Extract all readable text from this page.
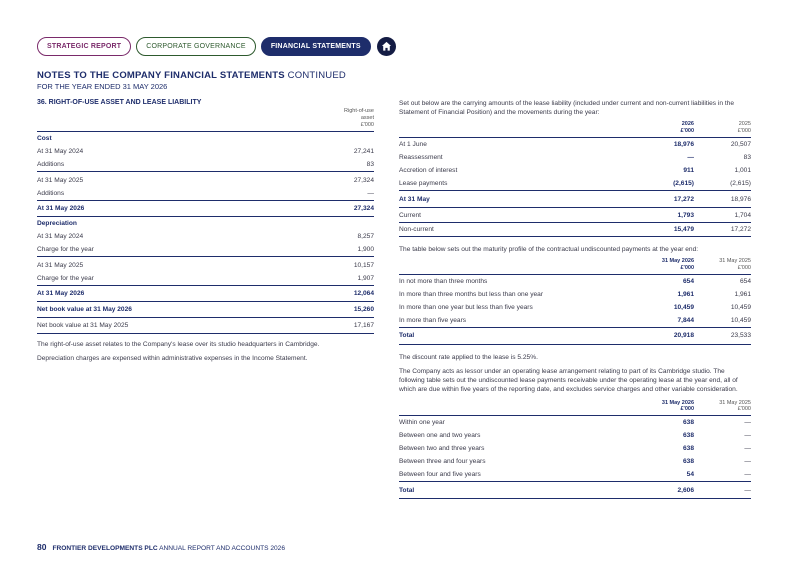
STRATEGIC REPORT	CORPORATE GOVERNANCE	FINANCIAL STATEMENTS
NOTES TO THE COMPANY FINANCIAL STATEMENTS CONTINUED
FOR THE YEAR ENDED 31 MAY 2026
36. RIGHT-OF-USE ASSET AND LEASE LIABILITY
Right-of-use
asset
£'000
Cost
At 31 May 2024	27,241
Additions	83
At 31 May 2025	27,324
Additions	—
At 31 May 2026	27,324
Depreciation
At 31 May 2024	8,257
Charge for the year	1,900
At 31 May 2025	10,157
Charge for the year	1,907
At 31 May 2026	12,064
Net book value at 31 May 2026	15,260
Net book value at 31 May 2025	17,167
The right-of-use asset relates to the Company's lease over its studio headquarters in Cambridge.
Depreciation charges are expensed within administrative expenses in the Income Statement.
Set out below are the carrying amounts of the lease liability (included under current and non-current liabilities in the Statement of Financial Position) and the movements during the year:
2026
£'000
2025
£'000
At 1 June	18,976	20,507
Reassessment	—	83
Accretion of interest	911	1,001
Lease payments	(2,615)	(2,615)
At 31 May	17,272	18,976
Current	1,793	1,704
Non-current	15,479	17,272
The table below sets out the maturity profile of the contractual undiscounted payments at the year end:
31 May 2026
£'000
31 May 2025
£'000
In not more than three months	654	654
In more than three months but less than one year	1,961	1,961
In more than one year but less than five years	10,459	10,459
In more than five years	7,844	10,459
Total	20,918	23,533
The discount rate applied to the lease is 5.25%.
The Company acts as lessor under an operating lease arrangement relating to part of its Cambridge studio. The following table sets out the undiscounted lease payments receivable under the operating lease at the year end, all of which are due within five years of the reporting date, and excludes service charges and other variable consideration.
31 May 2026
£'000
31 May 2025
£'000
Within one year	638	—
Between one and two years	638	—
Between two and three years	638	—
Between three and four years	638	—
Between four and five years	54	—
Total	2,606	—
80 FRONTIER DEVELOPMENTS PLC ANNUAL REPORT AND ACCOUNTS 2026
